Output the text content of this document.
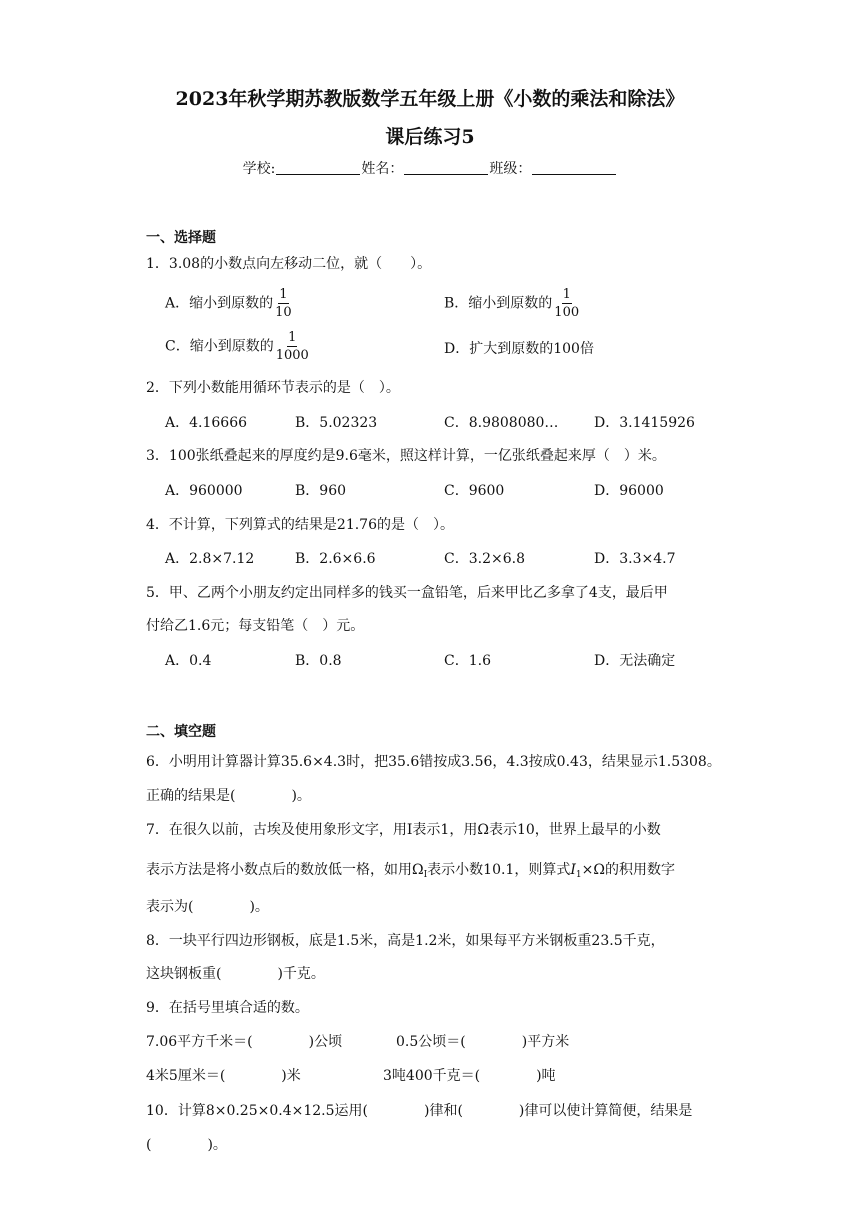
2023年秋学期苏教版数学五年级上册《小数的乘法和除法》
课后练习5
学校:	姓名：	班级：
一、选择题
1．3.08的小数点向左移动二位，就（　　）。
A．缩小到原数的 $\frac{1}{10}$	B．缩小到原数的 $\frac{1}{100}$
C．缩小到原数的 $\frac{1}{1000}$	D．扩大到原数的100倍
2．下列小数能用循环节表示的是（　）。
A．4.16666	B．5.02323	C．8.9808080…	D．3.1415926
3．100张纸叠起来的厚度约是9.6毫米，照这样计算，一亿张纸叠起来厚（　）米。
A．960000	B．960	C．9600	D．96000
4．不计算，下列算式的结果是21.76的是（　）。
A．2.8×7.12	B．2.6×6.6	C．3.2×6.8	D．3.3×4.7
5．甲、乙两个小朋友约定出同样多的钱买一盒铅笔，后来甲比乙多拿了4支，最后甲
付给乙1.6元；每支铅笔（　）元。
A．0.4	B．0.8	C．1.6	D．无法确定
二、填空题
6．小明用计算器计算35.6×4.3时，把35.6错按成3.56，4.3按成0.43，结果显示1.5308。
正确的结果是(　　　　)。
7．在很久以前，古埃及使用象形文字，用I表示1，用Ω表示10，世界上最早的小数
表示方法是将小数点后的数放低一格，如用$\Omega_I$表示小数10.1，则算式$I_1\times\Omega$的积用数字
表示为(　　　　)。
8．一块平行四边形钢板，底是1.5米，高是1.2米，如果每平方米钢板重23.5千克，
这块钢板重(　　　　)千克。
9．在括号里填合适的数。
7.06平方千米＝(　　　　)公顷	0.5公顷＝(　　　　)平方米
4米5厘米＝(　　　　)米	3吨400千克＝(　　　　)吨
10．计算8×0.25×0.4×12.5运用(　　　　)律和(　　　　)律可以使计算简便，结果是
(　　　　)。
